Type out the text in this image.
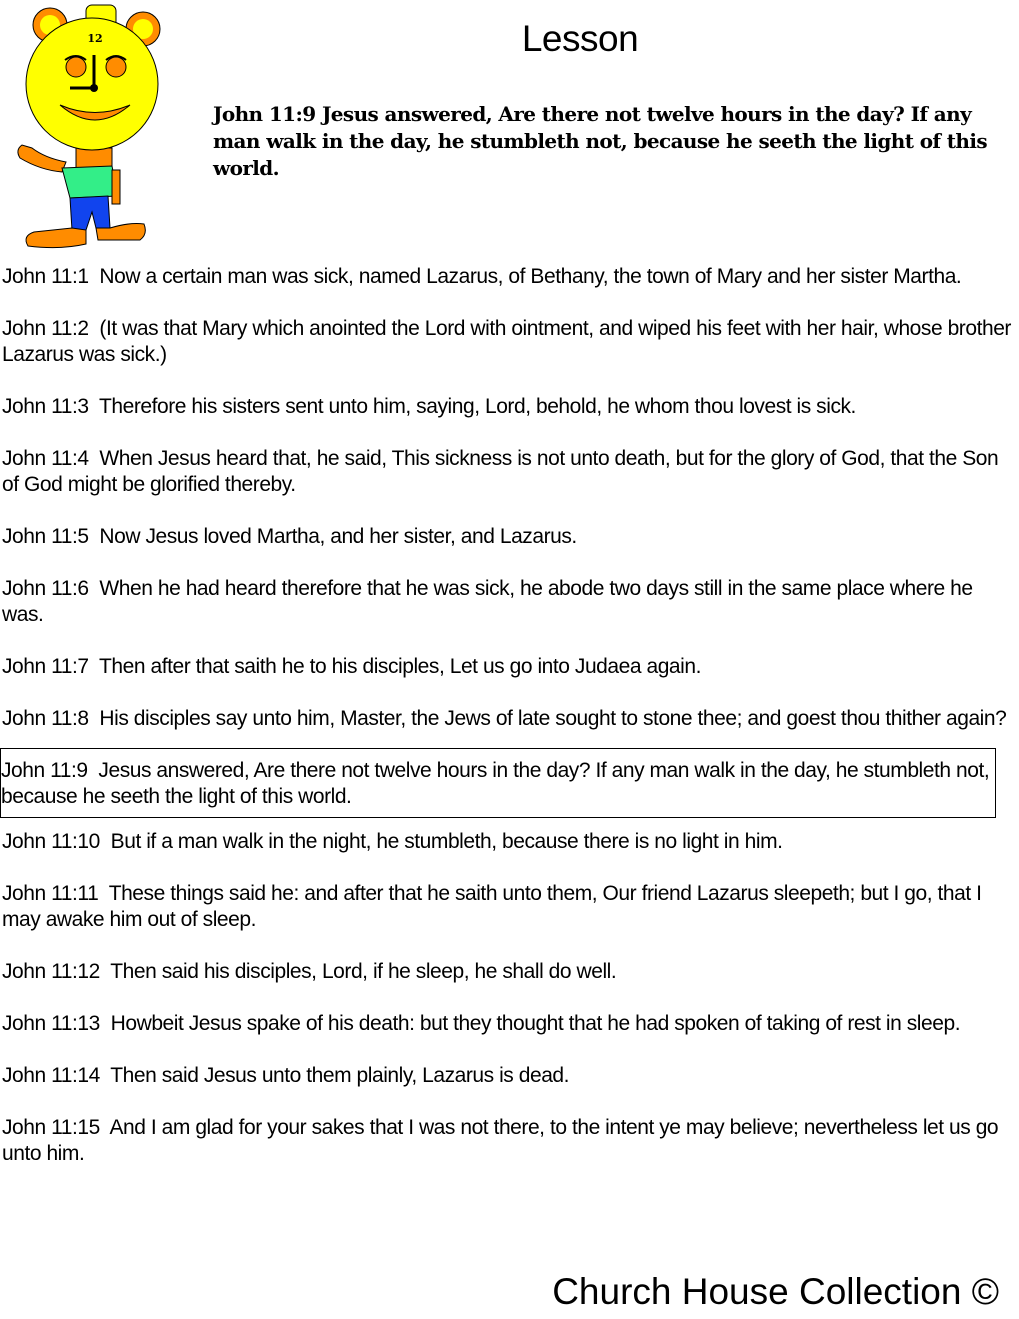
12	Lesson
John 11:9 Jesus answered, Are there not twelve hours in the day? If any man walk in the day, he stumbleth not, because he seeth the light of this world.
John 11:1 Now a certain man was sick, named Lazarus, of Bethany, the town of Mary and her sister Martha.
John 11:2 (It was that Mary which anointed the Lord with ointment, and wiped his feet with her hair, whose brother Lazarus was sick.)
John 11:3 Therefore his sisters sent unto him, saying, Lord, behold, he whom thou lovest is sick.
John 11:4 When Jesus heard that, he said, This sickness is not unto death, but for the glory of God, that the Son of God might be glorified thereby.
John 11:5 Now Jesus loved Martha, and her sister, and Lazarus.
John 11:6 When he had heard therefore that he was sick, he abode two days still in the same place where he was.
John 11:7 Then after that saith he to his disciples, Let us go into Judaea again.
John 11:8 His disciples say unto him, Master, the Jews of late sought to stone thee; and goest thou thither again?
John 11:9 Jesus answered, Are there not twelve hours in the day? If any man walk in the day, he stumbleth not, because he seeth the light of this world.
John 11:10 But if a man walk in the night, he stumbleth, because there is no light in him.
John 11:11 These things said he: and after that he saith unto them, Our friend Lazarus sleepeth; but I go, that I may awake him out of sleep.
John 11:12 Then said his disciples, Lord, if he sleep, he shall do well.
John 11:13 Howbeit Jesus spake of his death: but they thought that he had spoken of taking of rest in sleep.
John 11:14 Then said Jesus unto them plainly, Lazarus is dead.
John 11:15 And I am glad for your sakes that I was not there, to the intent ye may believe; nevertheless let us go unto him.
Church House Collection ©
